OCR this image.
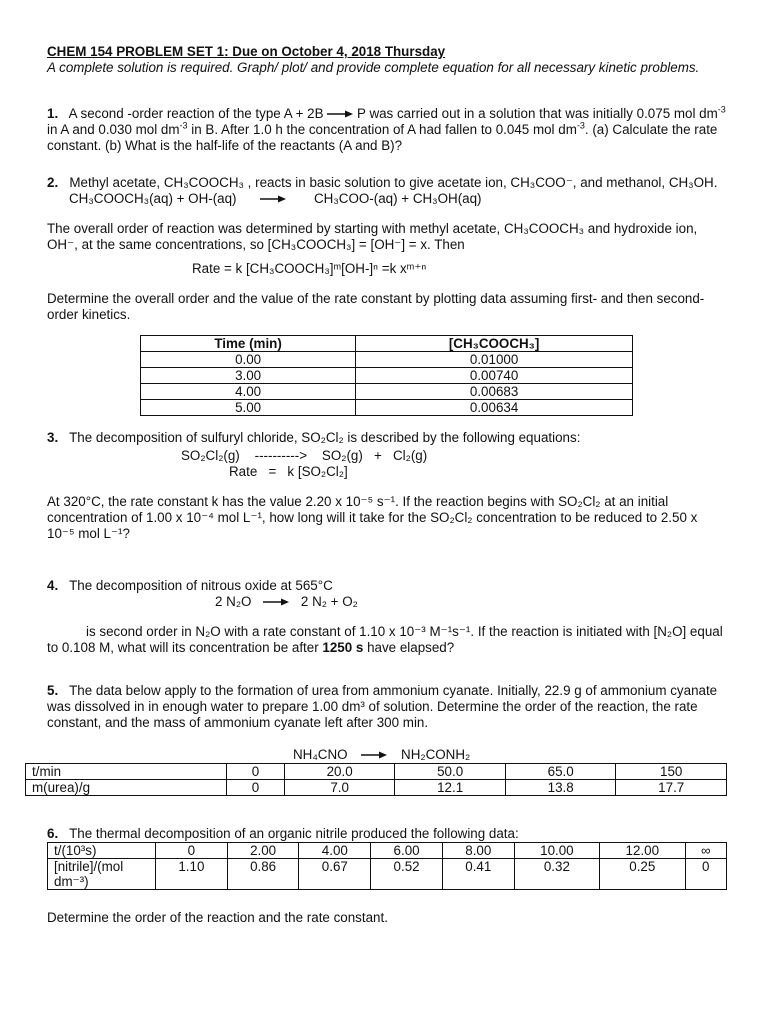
CHEM 154 PROBLEM SET 1: Due on October 4, 2018 Thursday
A complete solution is required. Graph/ plot/ and provide complete equation for all necessary kinetic problems.
1. A second -order reaction of the type A + 2B → P was carried out in a solution that was initially 0.075 mol $dm^{-3}$ in A and 0.030 mol $dm^{-3}$ in B. After 1.0 h the concentration of A had fallen to 0.045 mol $dm^{-3}$. (a) Calculate the rate constant. (b) What is the half-life of the reactants (A and B)?
2. Methyl acetate, CH₃COOCH₃ , reacts in basic solution to give acetate ion, CH₃COO⁻, and methanol, CH₃OH.
CH₃COOCH₃(aq) + OH-(aq)	CH₃COO-(aq) + CH₃OH(aq)
The overall order of reaction was determined by starting with methyl acetate, CH₃COOCH₃ and hydroxide ion, OH⁻, at the same concentrations, so [CH₃COOCH₃] = [OH⁻] = x. Then
Rate = k [CH₃COOCH₃]ᵐ[OH-]ⁿ =k xᵐ⁺ⁿ
Determine the overall order and the value of the rate constant by plotting data assuming first- and then second-order kinetics.
Time (min)	[CH₃COOCH₃]
0.00	0.01000
3.00	0.00740
4.00	0.00683
5.00	0.00634
3. The decomposition of sulfuryl chloride, SO₂Cl₂ is described by the following equations:
SO₂Cl₂(g)    ---------->    SO₂(g)   +   Cl₂(g)
Rate   =   k [SO₂Cl₂]
At 320°C, the rate constant k has the value 2.20 x 10⁻⁵ s⁻¹. If the reaction begins with SO₂Cl₂ at an initial concentration of 1.00 x 10⁻⁴ mol L⁻¹, how long will it take for the SO₂Cl₂ concentration to be reduced to 2.50 x 10⁻⁵ mol L⁻¹?
4. The decomposition of nitrous oxide at 565°C
2 N₂O → 2 N₂ + O₂
is second order in N₂O with a rate constant of 1.10 x 10⁻³ M⁻¹s⁻¹. If the reaction is initiated with [N₂O] equal to 0.108 M, what will its concentration be after 1250 s have elapsed?
5. The data below apply to the formation of urea from ammonium cyanate. Initially, 22.9 g of ammonium cyanate was dissolved in in enough water to prepare 1.00 dm³ of solution. Determine the order of the reaction, the rate constant, and the mass of ammonium cyanate left after 300 min.
NH₄CNO → NH₂CONH₂
t/min	0	20.0	50.0	65.0	150
m(urea)/g	0	7.0	12.1	13.8	17.7
6. The thermal decomposition of an organic nitrile produced the following data:
t/(10³s)	0	2.00	4.00	6.00	8.00	10.00	12.00	∞
[nitrile]/(mol dm⁻³)	1.10	0.86	0.67	0.52	0.41	0.32	0.25	0
Determine the order of the reaction and the rate constant.
